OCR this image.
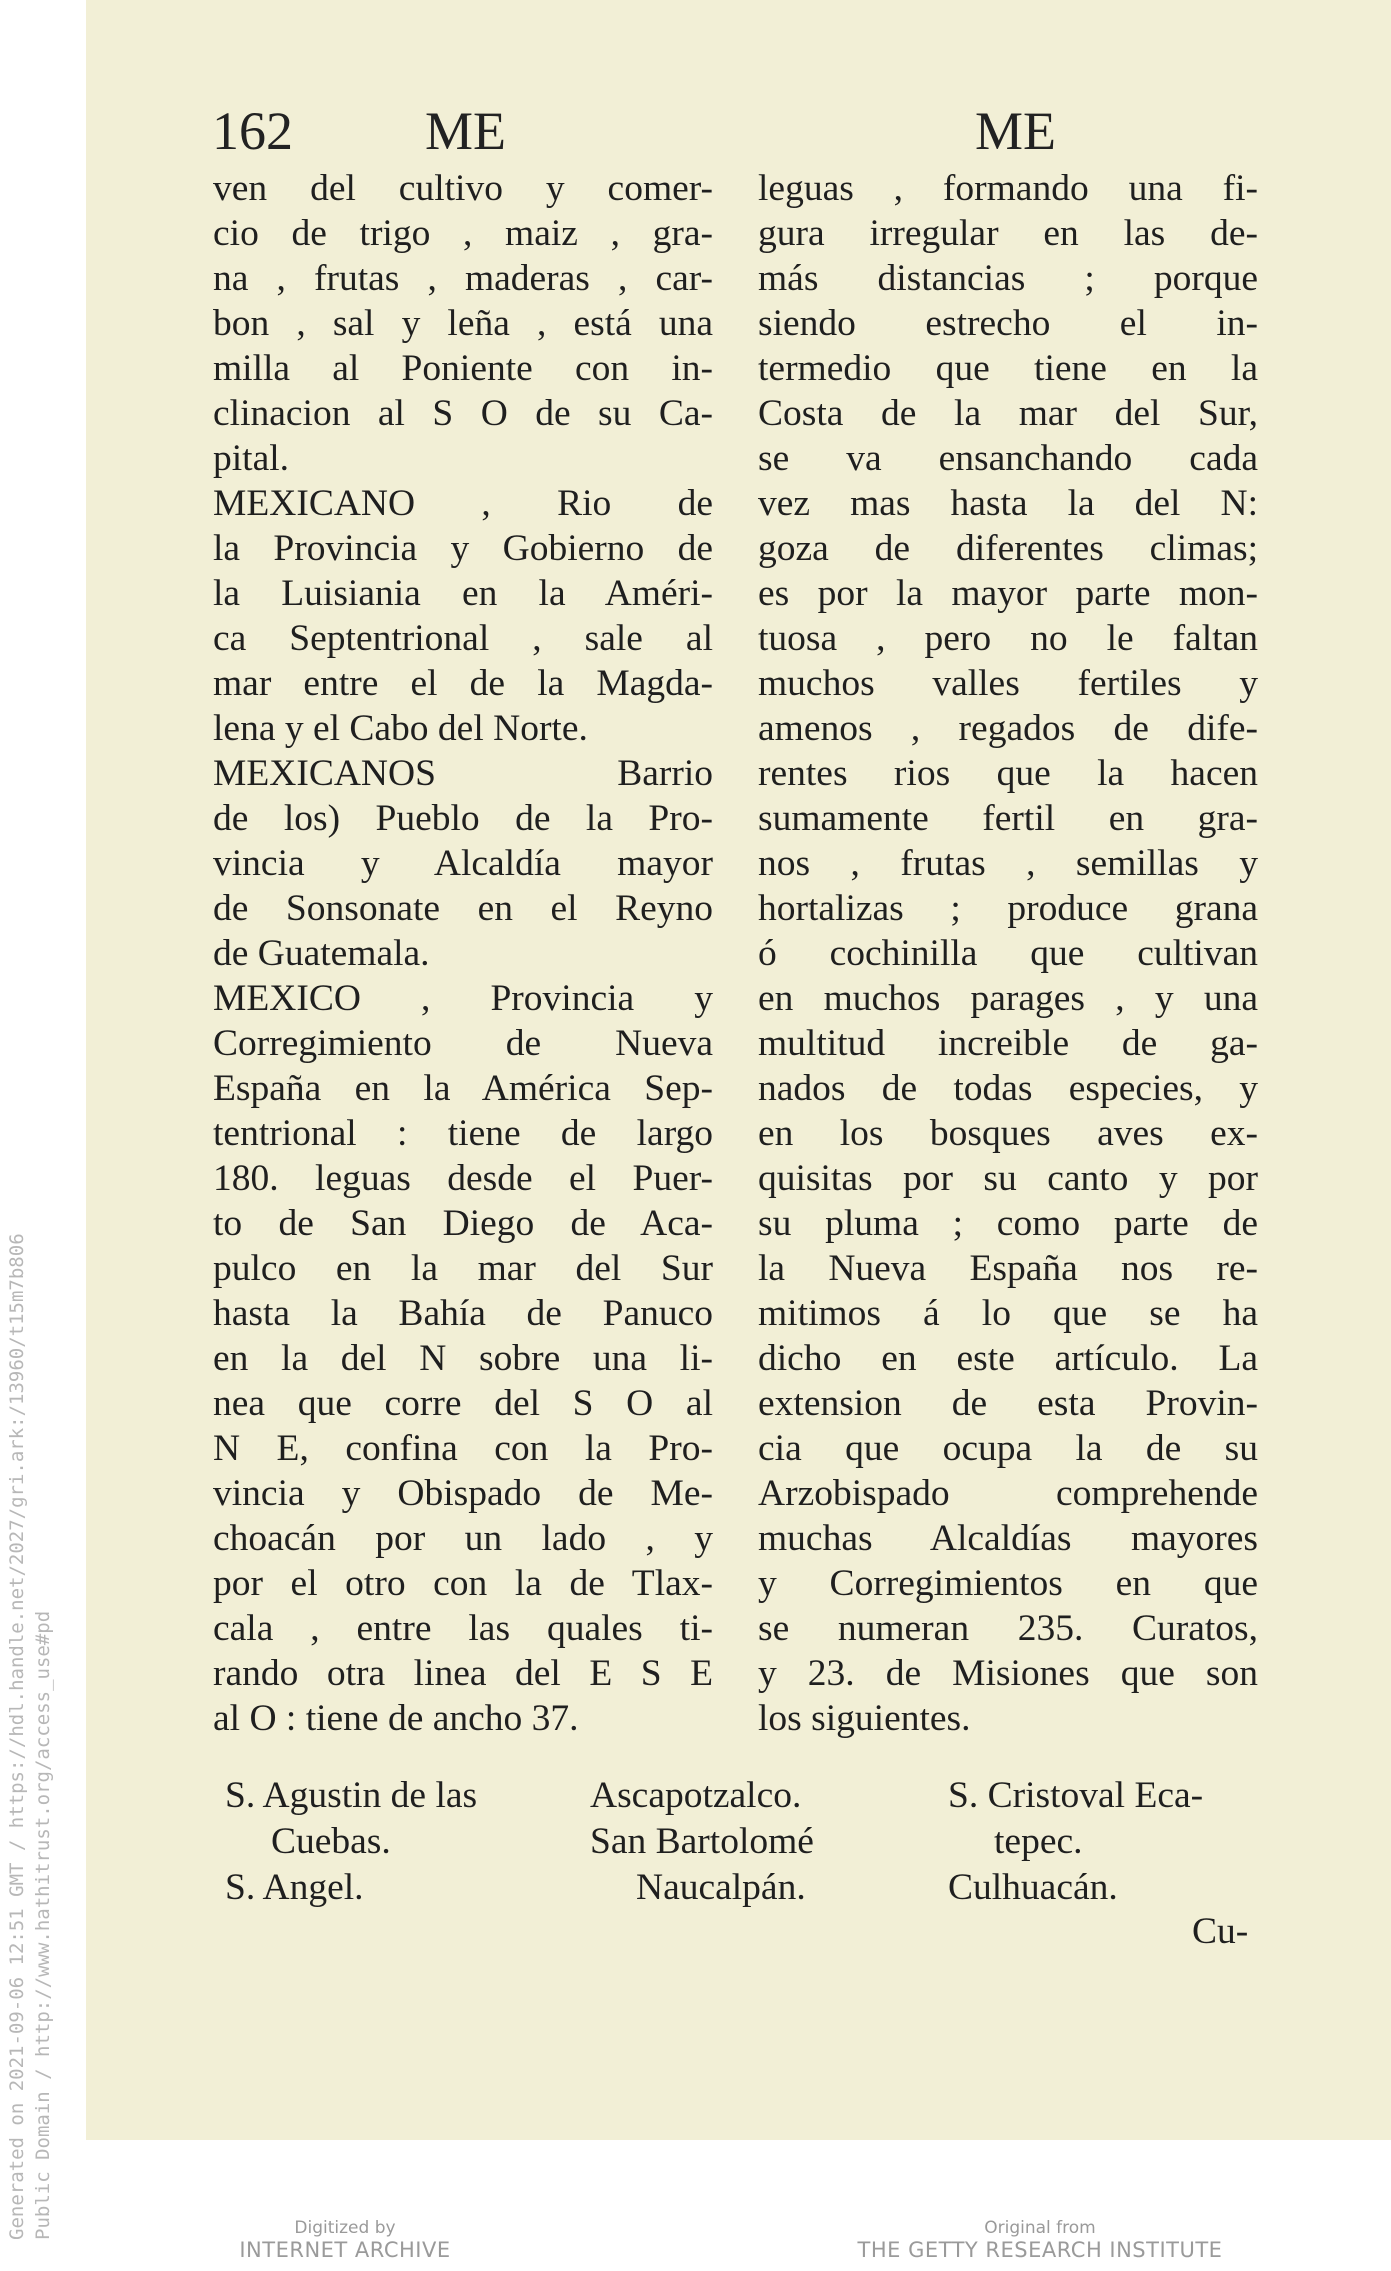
Generated on 2021-09-06 12:51 GMT / https://hdl.handle.net/2027/gri.ark:/13960/t15m7b806 Public Domain / http://www.hathitrust.org/access_use#pd
162 ME	ME
ven del cultivo y comer-
cio de trigo , maiz , gra-
na , frutas , maderas , car-
bon , sal y leña , está una
milla al Poniente con in-
clinacion al S O de su Ca-
pital.
MEXICANO , Rio de
la Provincia y Gobierno de
la Luisiania en la Améri-
ca Septentrional , sale al
mar entre el de la Magda-
lena y el Cabo del Norte.
MEXICANOS Barrio
de los) Pueblo de la Pro-
vincia y Alcaldía mayor
de Sonsonate en el Reyno
de Guatemala.
MEXICO , Provincia y
Corregimiento de Nueva
España en la América Sep-
tentrional : tiene de largo
180. leguas desde el Puer-
to de San Diego de Aca-
pulco en la mar del Sur
hasta la Bahía de Panuco
en la del N sobre una li-
nea que corre del S O al
N E, confina con la Pro-
vincia y Obispado de Me-
choacán por un lado , y
por el otro con la de Tlax-
cala , entre las quales ti-
rando otra linea del E S E
al O : tiene de ancho 37.
leguas , formando una fi-
gura irregular en las de-
más distancias ; porque
siendo estrecho el in-
termedio que tiene en la
Costa de la mar del Sur,
se va ensanchando cada
vez mas hasta la del N:
goza de diferentes climas;
es por la mayor parte mon-
tuosa , pero no le faltan
muchos valles fertiles y
amenos , regados de dife-
rentes rios que la hacen
sumamente fertil en gra-
nos , frutas , semillas y
hortalizas ; produce grana
ó cochinilla que cultivan
en muchos parages , y una
multitud increible de ga-
nados de todas especies, y
en los bosques aves ex-
quisitas por su canto y por
su pluma ; como parte de
la Nueva España nos re-
mitimos á lo que se ha
dicho en este artículo. La
extension de esta Provin-
cia que ocupa la de su
Arzobispado comprehende
muchas Alcaldías mayores
y Corregimientos en que
se numeran 235. Curatos,
y 23. de Misiones que son
los siguientes.
S. Agustin de las
Cuebas.
S. Angel.
Ascapotzalco.
San Bartolomé
Naucalpán.
S. Cristoval Eca-
tepec.
Culhuacán.
Cu-
Digitized by
INTERNET ARCHIVE
Original from
THE GETTY RESEARCH INSTITUTE
